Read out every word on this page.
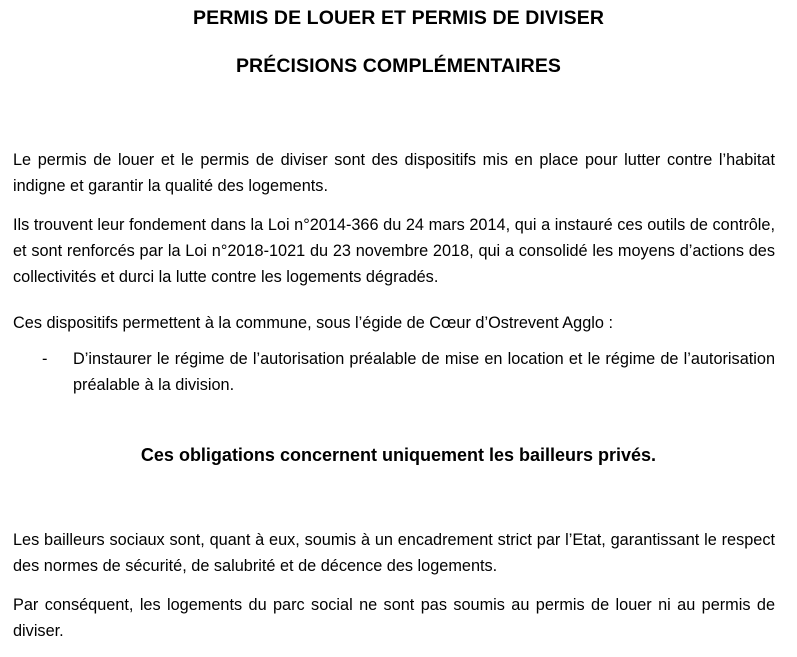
PERMIS DE LOUER ET PERMIS DE DIVISER
PRÉCISIONS COMPLÉMENTAIRES

Le permis de louer et le permis de diviser sont des dispositifs mis en place pour lutter contre l’habitat indigne et garantir la qualité des logements.

Ils trouvent leur fondement dans la Loi n°2014-366 du 24 mars 2014, qui a instauré ces outils de contrôle, et sont renforcés par la Loi n°2018-1021 du 23 novembre 2018, qui a consolidé les moyens d’actions des collectivités et durci la lutte contre les logements dégradés.

Ces dispositifs permettent à la commune, sous l’égide de Cœur d’Ostrevent Agglo :

- D’instaurer le régime de l’autorisation préalable de mise en location et le régime de l’autorisation préalable à la division.

Ces obligations concernent uniquement les bailleurs privés.

Les bailleurs sociaux sont, quant à eux, soumis à un encadrement strict par l’Etat, garantissant le respect des normes de sécurité, de salubrité et de décence des logements.

Par conséquent, les logements du parc social ne sont pas soumis au permis de louer ni au permis de diviser.
